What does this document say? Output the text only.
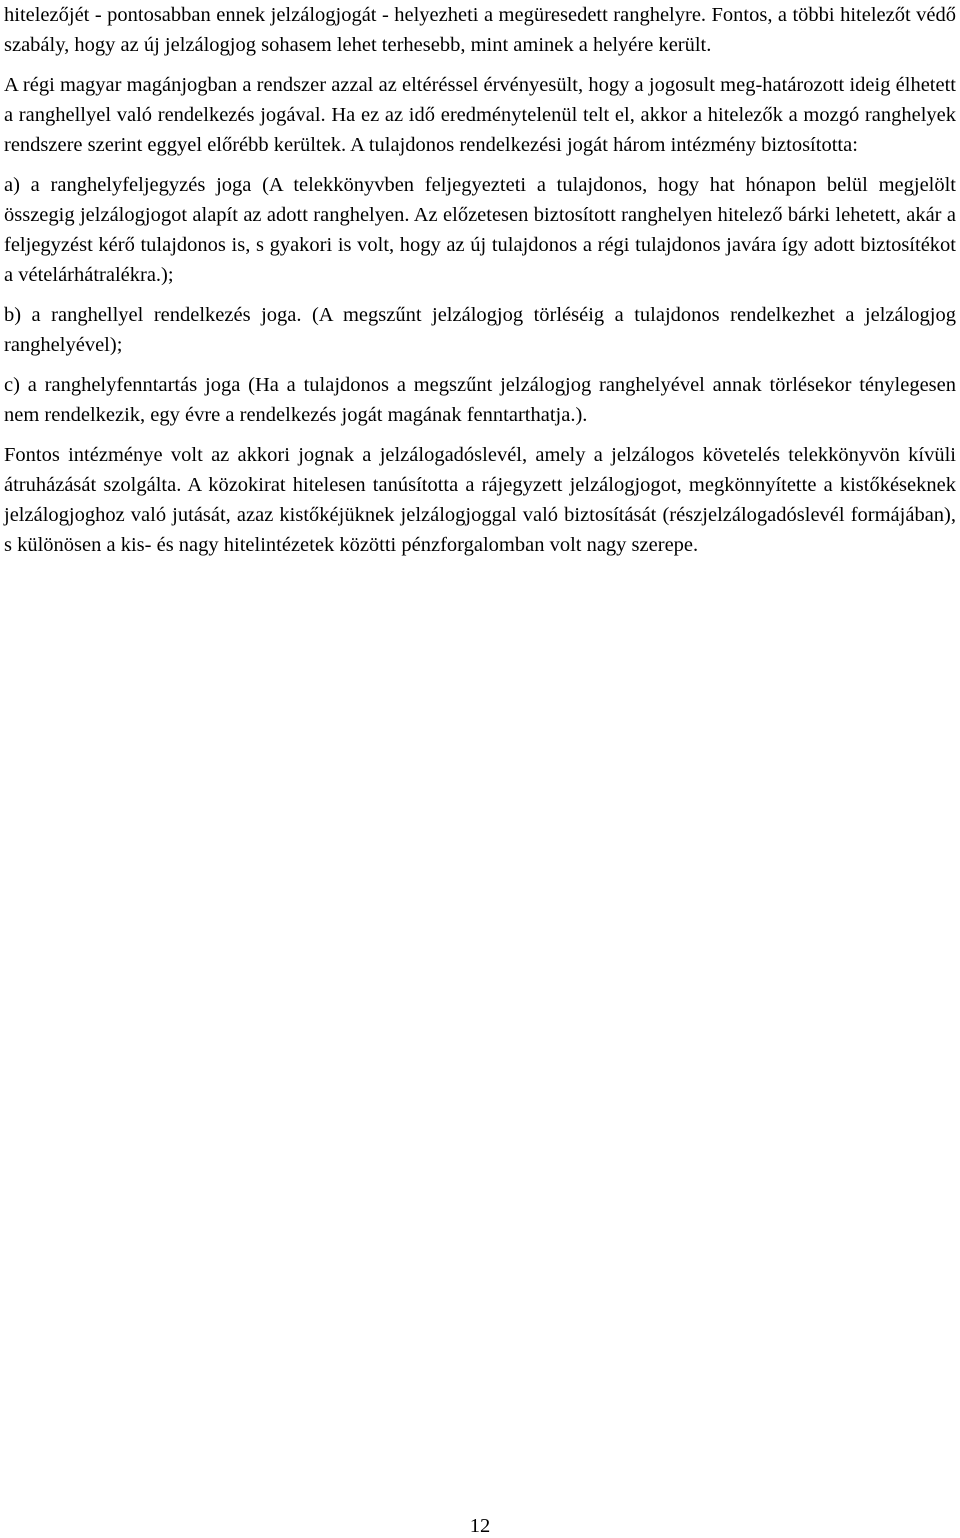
hitelezőjét - pontosabban ennek jelzálogjogát - helyezheti a megüresedett ranghelyre. Fontos, a többi hitelezőt védő szabály, hogy az új jelzálogjog sohasem lehet terhesebb, mint aminek a helyére került.

A régi magyar magánjogban a rendszer azzal az eltéréssel érvényesült, hogy a jogosult meg-határozott ideig élhetett a ranghellyel való rendelkezés jogával. Ha ez az idő eredménytelenül telt el, akkor a hitelezők a mozgó ranghelyek rendszere szerint eggyel előrébb kerültek. A tulajdonos rendelkezési jogát három intézmény biztosította:

a) a ranghelyfeljegyzés joga (A telekkönyvben feljegyezteti a tulajdonos, hogy hat hónapon belül megjelölt összegig jelzálogjogot alapít az adott ranghelyen. Az előzetesen biztosított ranghelyen hitelező bárki lehetett, akár a feljegyzést kérő tulajdonos is, s gyakori is volt, hogy az új tulajdonos a régi tulajdonos javára így adott biztosítékot a vételárhátralékra.);

b) a ranghellyel rendelkezés joga. (A megszűnt jelzálogjog törléséig a tulajdonos rendelkezhet a jelzálogjog ranghelyével);

c) a ranghelyfenntartás joga (Ha a tulajdonos a megszűnt jelzálogjog ranghelyével annak törlésekor ténylegesen nem rendelkezik, egy évre a rendelkezés jogát magának fenntarthatja.).

Fontos intézménye volt az akkori jognak a jelzálogadóslevél, amely a jelzálogos követelés telekkönyvön kívüli átruházását szolgálta. A közokirat hitelesen tanúsította a rájegyzett jelzálogjogot, megkönnyítette a kistőkéseknek jelzálogjoghoz való jutását, azaz kistőkéjüknek jelzálogjoggal való biztosítását (részjelzálogadóslevél formájában), s különösen a kis- és nagy hitelintézetek közötti pénzforgalomban volt nagy szerepe.

12
